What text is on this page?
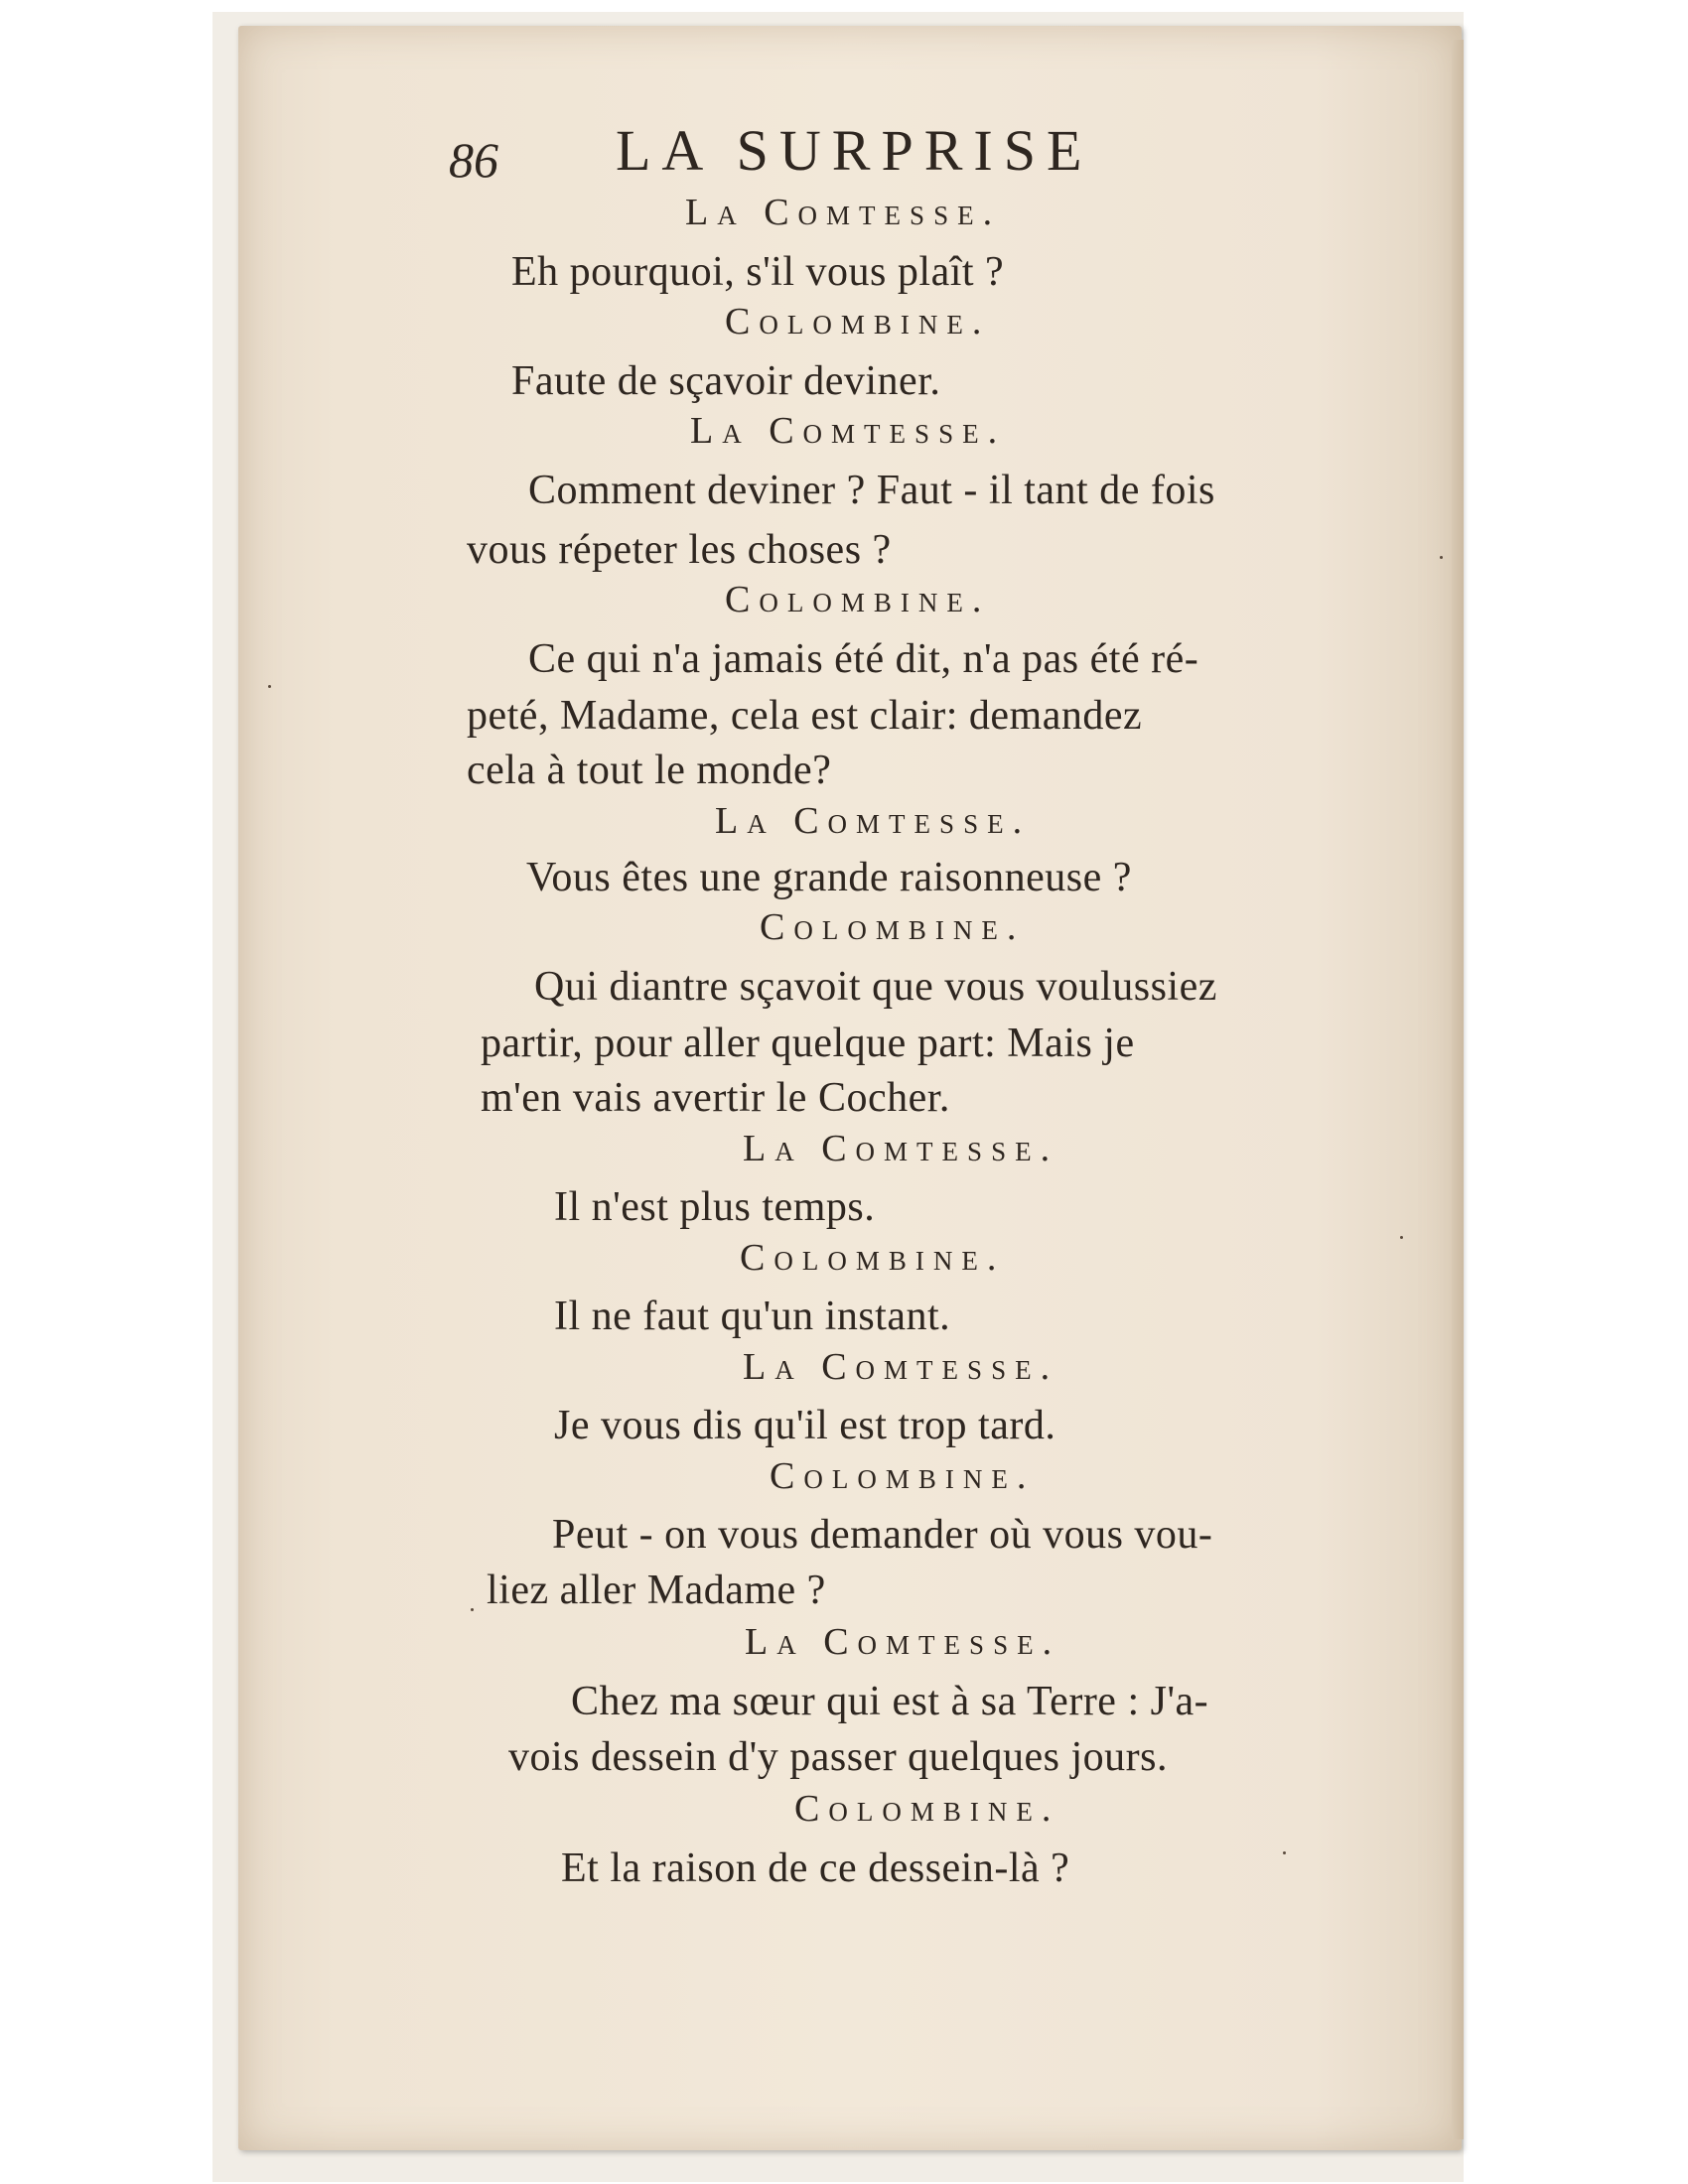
86 LA SURPRISE
La Comtesse.
Eh pourquoi, s'il vous plaît ?
Colombine.
Faute de sçavoir deviner.
La Comtesse.
Comment deviner ? Faut - il tant de fois
vous répeter les choses ?
Colombine.
Ce qui n'a jamais été dit, n'a pas été ré-
peté, Madame, cela est clair: demandez
cela à tout le monde?
La Comtesse.
Vous êtes une grande raisonneuse ?
Colombine.
Qui diantre sçavoit que vous voulussiez
partir, pour aller quelque part: Mais je
m'en vais avertir le Cocher.
La Comtesse.
Il n'est plus temps.
Colombine.
Il ne faut qu'un instant.
La Comtesse.
Je vous dis qu'il est trop tard.
Colombine.
Peut - on vous demander où vous vou-
liez aller Madame ?
La Comtesse.
Chez ma sœur qui est à sa Terre : J'a-
vois dessein d'y passer quelques jours.
Colombine.
Et la raison de ce dessein-là ?
